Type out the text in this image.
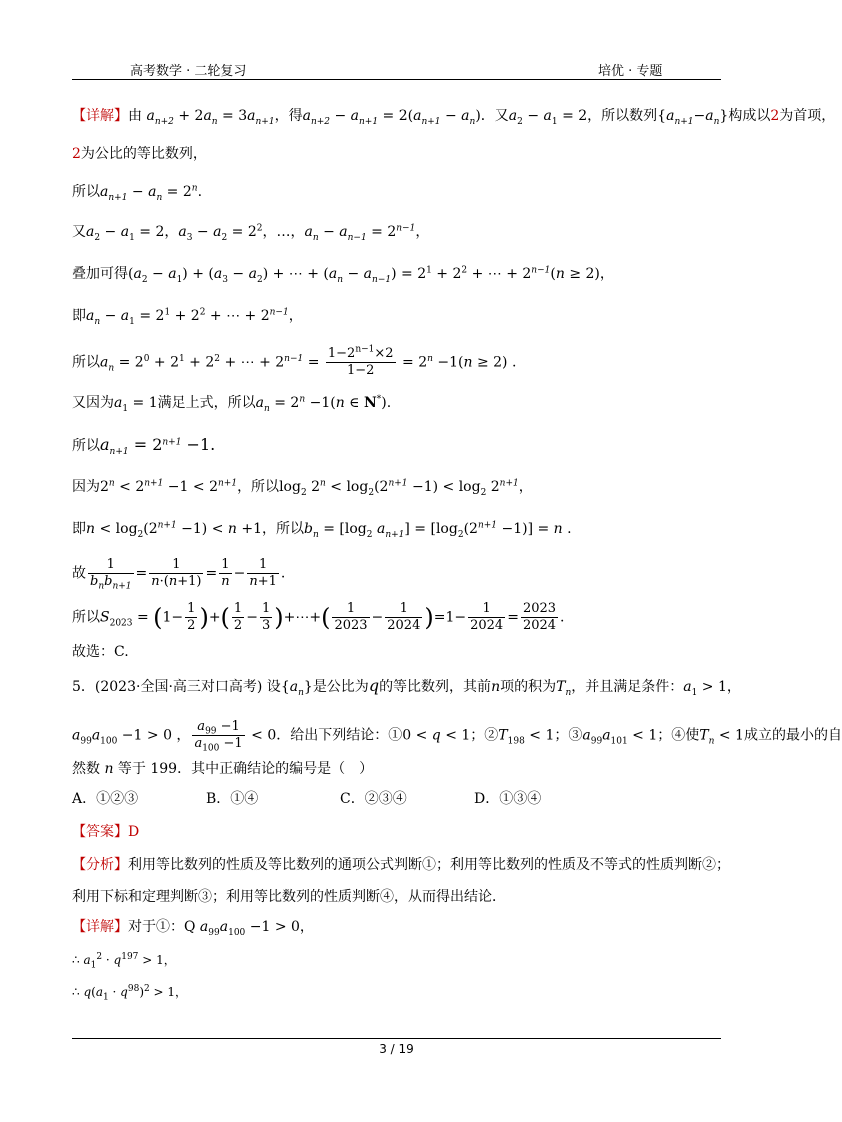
高考数学 · 二轮复习	培优 · 专题
【详解】由 $a_{n+2} + 2a_n = 3a_{n+1}$，得$a_{n+2} - a_{n+1} = 2(a_{n+1} - a_n)$．又$a_2 - a_1 = 2$，所以数列$\{a_{n+1}-a_n\}$构成以2为首项，
2为公比的等比数列，
所以$a_{n+1} - a_n = 2^n$.
又$a_2 - a_1 = 2$，$a_3 - a_2 = 2^2$，…，$a_n - a_{n-1} = 2^{n-1}$，
叠加可得$(a_2 - a_1) + (a_3 - a_2)$ + ⋯ + $(a_n - a_{n-1}) = 2^1 + 2^2$ + ⋯ + $2^{n-1}(n \ge 2)$，
即$a_n - a_1 = 2^1 + 2^2$ + ⋯ + $2^{n-1}$，
所以$a_n = 2^0 + 2^1 + 2^2$ + ⋯ + $2^{n-1} = \frac{1-2^{n-1}\times 2}{1-2} = 2^n -1(n \ge 2)$ .
又因为$a_1 = 1$满足上式，所以$a_n = 2^n -1(n$ ∈ N*).
所以$a_{n+1} = 2^{n+1} -1$.
因为$2^n < 2^{n+1} -1 < 2^{n+1}$，所以$\log_2 2^n < \log_2(2^{n+1} -1) < \log_2 2^{n+1}$，
即$n < \log_2(2^{n+1} -1) < n +1$，所以$b_n = [\log_2$ $a_{n+1}] = [\log_2(2^{n+1} -1)] = n$ .
故 $\frac{1}{b_nb_{n+1}} = \frac{1}{n\cdot(n+1)} = \frac{1}{n} - \frac{1}{n+1}$ .
所以$S_{2023} = (1- \frac{1}{2}$ )+( $\frac{1}{2} - \frac{1}{3}$ )+⋯+( $\frac{1}{2023} - \frac{1}{2024} )=1- \frac{1}{2024} = \frac{2023}{2024}$ .
故选：C.
5．(2023·全国·高三对口高考) 设$\{a_n\}$是公比为q的等比数列，其前n项的积为$T_n$，并且满足条件：$a_1 > 1$，
$a_{99}a_{100} -1 > 0$ ， $\frac{a_{99} -1}{a_{100} -1} < 0$．给出下列结论：①0 < q < 1；$②T_{198} < 1$；$③a_{99}a_{101} < 1$；④使$T_n < 1$成立的最小的自
然数 n 等于 199．其中正确结论的编号是（　）
A．①②③	B．①④	C．②③④	D．①③④
【答案】D
【分析】利用等比数列的性质及等比数列的通项公式判断①；利用等比数列的性质及不等式的性质判断②；
利用下标和定理判断③；利用等比数列的性质判断④，从而得出结论．
【详解】对于①：Q $a_{99}a_{100} -1 > 0$，
∴ $a_1^2 \cdot q^{197} > 1$，
∴ $q(a_1 \cdot q^{98})^2 > 1$，
3 / 19
